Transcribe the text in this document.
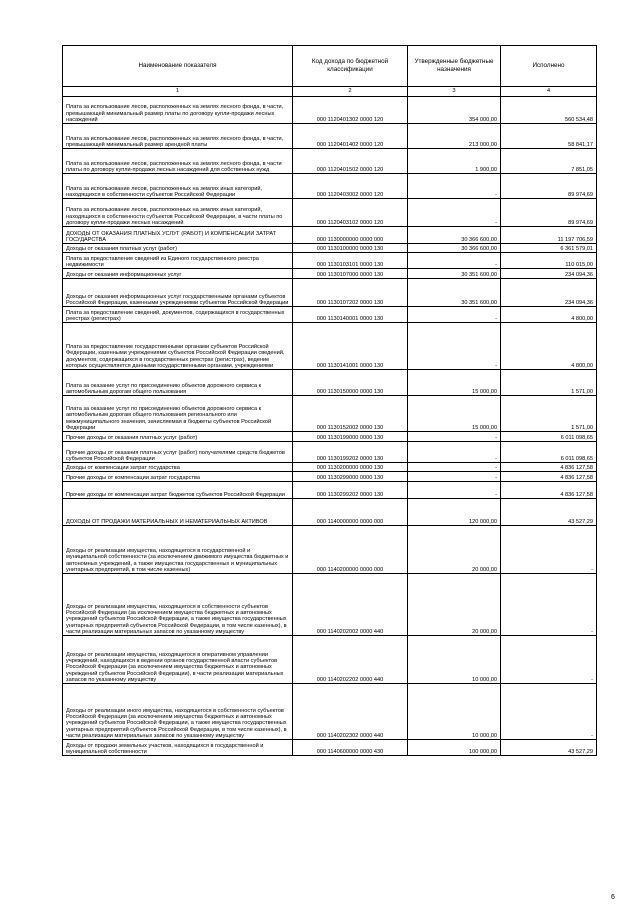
Наименование показателя	Код дохода по бюджетной классификации	Утвержденные бюджетные назначения	Исполнено
1	2	3	4
Плата за использование лесов, расположенных на землях лесного фонда, в части, превышающей минимальный размер платы по договору купли-продажи лесных насаждений	000 1120401302 0000 120	354 000,00	560 534,48
Плата за использование лесов, расположенных на землях лесного фонда, в части, превышающей минимальный размер арендной платы	000 1120401402 0000 120	213 000,00	58 841,17
Плата за использование лесов, расположенных на землях лесного фонда, в части платы по договору купли-продажи лесных насаждений для собственных нужд	000 1120401502 0000 120	1 900,00	7 851,05
Плата за использование лесов, расположенных на землях иных категорий, находящихся в собственности субъектов Российской Федерации	000 1120403002 0000 120	-	89 974,69
Плата за использование лесов, расположенных на землях иных категорий, находящихся в собственности субъектов Российской Федерации, в части платы по договору купли-продажи лесных насаждений	000 1120403102 0000 120	-	89 974,69
ДОХОДЫ ОТ ОКАЗАНИЯ ПЛАТНЫХ УСЛУГ (РАБОТ) И КОМПЕНСАЦИИ ЗАТРАТ ГОСУДАРСТВА	000 1130000000 0000 000	30 366 600,00	11 197 706,59
Доходы от оказания платных услуг (работ)	000 1130100000 0000 130	30 366 600,00	6 361 579,01
Плата за предоставление сведений из Единого государственного реестра недвижимости	000 1130103101 0000 130	-	110 015,00
Доходы от оказания информационных услуг	000 1130107000 0000 130	30 351 600,00	234 094,36
Доходы от оказания информационных услуг государственными органами субъектов Российской Федерации, казенными учреждениями субъектов Российской Федерации	000 1130107202 0000 130	30 351 600,00	234 094,36
Плата за предоставление сведений, документов, содержащихся в государственных реестрах (регистрах)	000 1130140001 0000 130	-	4 800,00
Плата за предоставление государственными органами субъектов Российской Федерации, казенными учреждениями субъектов Российской Федерации сведений, документов, содержащихся в государственных реестрах (регистрах), ведение которых осуществляется данными государственными органами, учреждениями	000 1130141001 0000 130	-	4 800,00
Плата за оказание услуг по присоединению объектов дорожного сервиса к автомобильным дорогам общего пользования	000 1130150000 0000 130	15 000,00	1 571,00
Плата за оказание услуг по присоединению объектов дорожного сервиса к автомобильным дорогам общего пользования регионального или межмуниципального значения, зачисляемая в бюджеты субъектов Российской Федерации	000 1130152002 0000 130	15 000,00	1 571,00
Прочие доходы от оказания платных услуг (работ)	000 1130199000 0000 130	-	6 011 098,65
Прочие доходы от оказания платных услуг (работ) получателями средств бюджетов субъектов Российской Федерации	000 1130199202 0000 130	-	6 011 098,65
Доходы от компенсации затрат государства	000 1130200000 0000 130	-	4 836 127,58
Прочие доходы от компенсации затрат государства	000 1130299000 0000 130	-	4 836 127,58
Прочие доходы от компенсации затрат бюджетов субъектов Российской Федерации	000 1130299202 0000 130	-	4 836 127,58
ДОХОДЫ ОТ ПРОДАЖИ МАТЕРИАЛЬНЫХ И НЕМАТЕРИАЛЬНЫХ АКТИВОВ	000 1140000000 0000 000	120 000,00	43 527,29
Доходы от реализации имущества, находящегося в государственной и муниципальной собственности (за исключением движимого имущества бюджетных и автономных учреждений, а также имущества государственных и муниципальных унитарных предприятий, в том числе казенных)	000 1140200000 0000 000	20 000,00	-
Доходы от реализации имущества, находящегося в собственности субъектов Российской Федерации (за исключением имущества бюджетных и автономных учреждений субъектов Российской Федерации, а также имущества государственных унитарных предприятий субъектов Российской Федерации, в том числе казенных), в части реализации материальных запасов по указанному имуществу	000 1140202002 0000 440	20 000,00	-
Доходы от реализации имущества, находящегося в оперативном управлении учреждений, находящихся в ведении органов государственной власти субъектов Российской Федерации (за исключением имущества бюджетных и автономных учреждений субъектов Российской Федерации), в части реализации материальных запасов по указанному имуществу	000 1140202202 0000 440	10 000,00	-
Доходы от реализации иного имущества, находящегося в собственности субъектов Российской Федерации (за исключением имущества бюджетных и автономных учреждений субъектов Российской Федерации, а также имущества государственных унитарных предприятий субъектов Российской Федерации, в том числе казенных), в части реализации материальных запасов по указанному имуществу	000 1140202302 0000 440	10 000,00	-
Доходы от продажи земельных участков, находящихся в государственной и муниципальной собственности	000 1140600000 0000 430	100 000,00	43 527,29
6
